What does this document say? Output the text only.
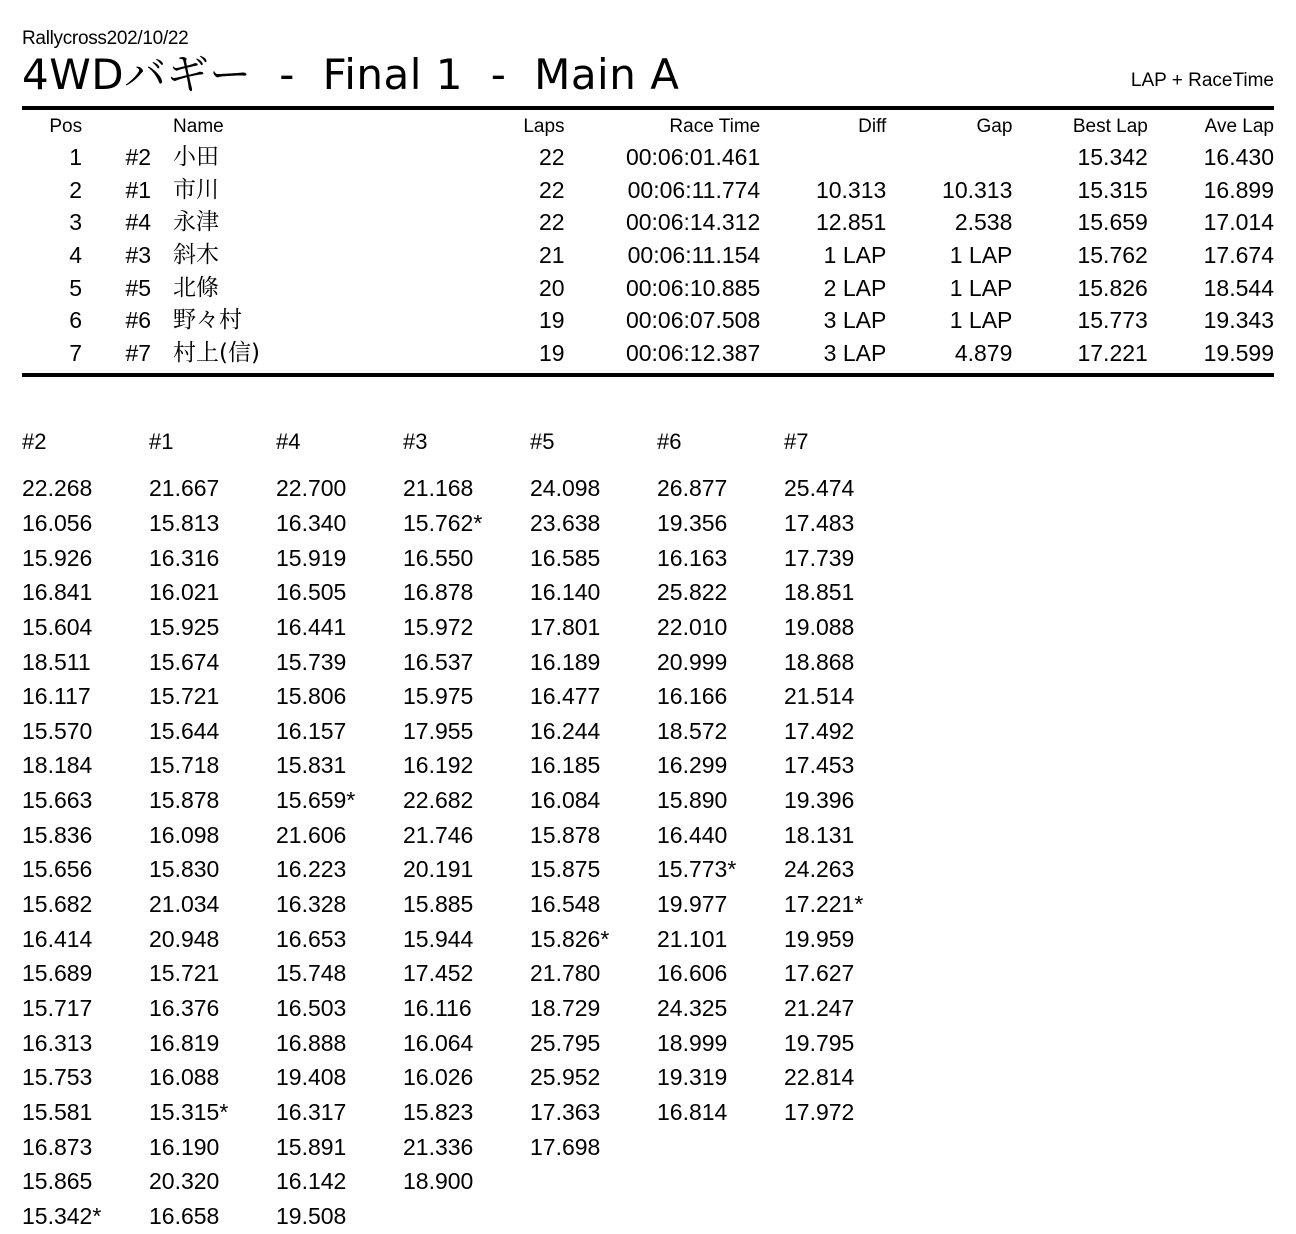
Rallycross202/10/22
4WDバギー  -  Final 1  -  Main A	LAP + RaceTime
Pos		Name	Laps	Race Time	Diff	Gap	Best Lap	Ave Lap
1	#2	小田	22	00:06:01.461			15.342	16.430
2	#1	市川	22	00:06:11.774	10.313	10.313	15.315	16.899
3	#4	永津	22	00:06:14.312	12.851	2.538	15.659	17.014
4	#3	斜木	21	00:06:11.154	1 LAP	1 LAP	15.762	17.674
5	#5	北條	20	00:06:10.885	2 LAP	1 LAP	15.826	18.544
6	#6	野々村	19	00:06:07.508	3 LAP	1 LAP	15.773	19.343
7	#7	村上(信)	19	00:06:12.387	3 LAP	4.879	17.221	19.599
#2	#1	#4	#3	#5	#6	#7
22.268	21.667	22.700	21.168	24.098	26.877	25.474
16.056	15.813	16.340	15.762*	23.638	19.356	17.483
15.926	16.316	15.919	16.550	16.585	16.163	17.739
16.841	16.021	16.505	16.878	16.140	25.822	18.851
15.604	15.925	16.441	15.972	17.801	22.010	19.088
18.511	15.674	15.739	16.537	16.189	20.999	18.868
16.117	15.721	15.806	15.975	16.477	16.166	21.514
15.570	15.644	16.157	17.955	16.244	18.572	17.492
18.184	15.718	15.831	16.192	16.185	16.299	17.453
15.663	15.878	15.659*	22.682	16.084	15.890	19.396
15.836	16.098	21.606	21.746	15.878	16.440	18.131
15.656	15.830	16.223	20.191	15.875	15.773*	24.263
15.682	21.034	16.328	15.885	16.548	19.977	17.221*
16.414	20.948	16.653	15.944	15.826*	21.101	19.959
15.689	15.721	15.748	17.452	21.780	16.606	17.627
15.717	16.376	16.503	16.116	18.729	24.325	21.247
16.313	16.819	16.888	16.064	25.795	18.999	19.795
15.753	16.088	19.408	16.026	25.952	19.319	22.814
15.581	15.315*	16.317	15.823	17.363	16.814	17.972
16.873	16.190	15.891	21.336	17.698		
15.865	20.320	16.142	18.900			
15.342*	16.658	19.508				
